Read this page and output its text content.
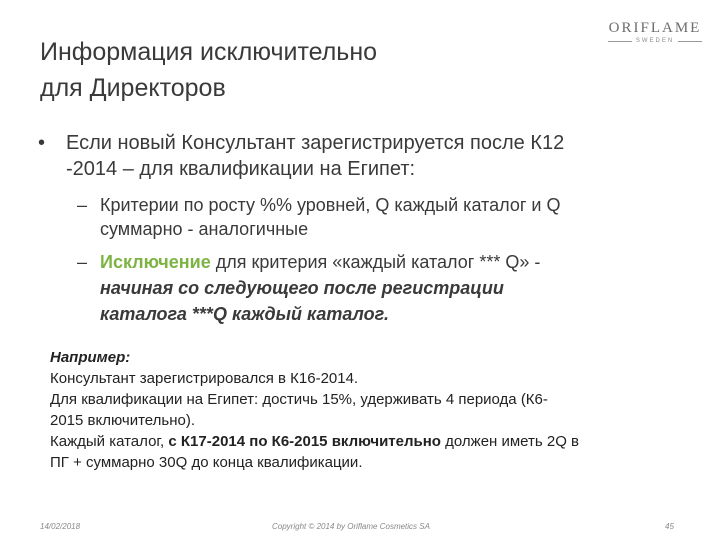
Информация исключительно
для Директоров
ORIFLAME
SWEDEN
• Если новый Консультант зарегистрируется после К12
-2014 – для квалификации на Египет:
– Критерии по росту %% уровней, Q каждый каталог и Q
суммарно - аналогичные
– Исключение для критерия «каждый каталог *** Q» -
начиная со следующего после регистрации
каталога ***Q каждый каталог.
Например:
Консультант зарегистрировался в К16-2014.
Для квалификации на Египет: достичь 15%, удерживать 4 периода (К6-
2015 включительно).
Каждый каталог, с К17-2014 по К6-2015 включительно должен иметь 2Q в
ПГ + суммарно 30Q до конца квалификации.
14/02/2018	Copyright © 2014 by Oriflame Cosmetics SA	45
